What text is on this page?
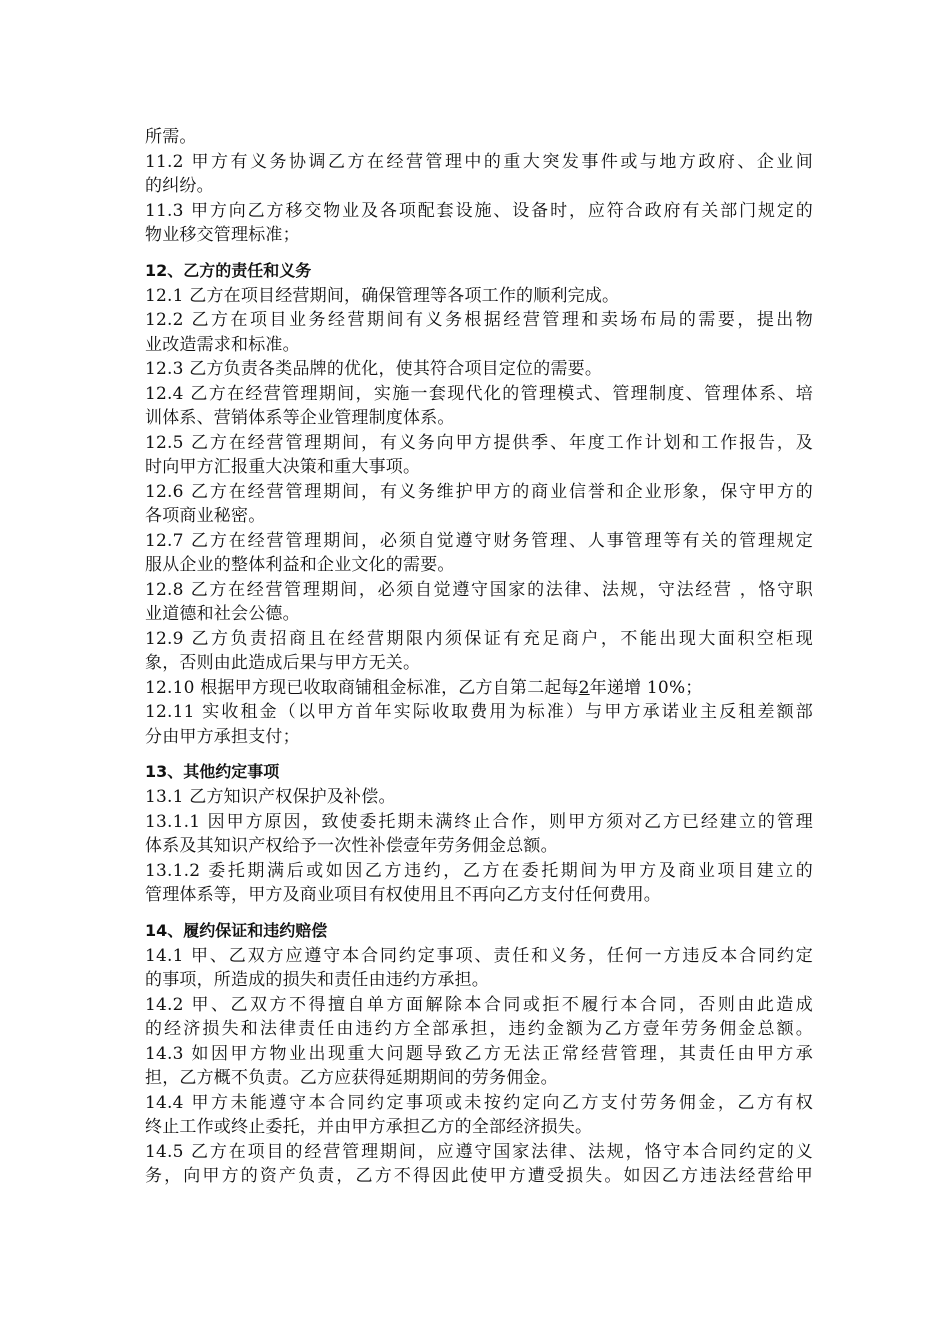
所需。
11.2 甲方有义务协调乙方在经营管理中的重大突发事件或与地方政府、企业间
的纠纷。
11.3 甲方向乙方移交物业及各项配套设施、设备时，应符合政府有关部门规定的
物业移交管理标准；
12、乙方的责任和义务
12.1 乙方在项目经营期间，确保管理等各项工作的顺利完成。
12.2 乙方在项目业务经营期间有义务根据经营管理和卖场布局的需要，提出物
业改造需求和标准。
12.3 乙方负责各类品牌的优化，使其符合项目定位的需要。
12.4 乙方在经营管理期间，实施一套现代化的管理模式、管理制度、管理体系、培
训体系、营销体系等企业管理制度体系。
12.5 乙方在经营管理期间，有义务向甲方提供季、年度工作计划和工作报告，及
时向甲方汇报重大决策和重大事项。
12.6 乙方在经营管理期间，有义务维护甲方的商业信誉和企业形象，保守甲方的
各项商业秘密。
12.7 乙方在经营管理期间，必须自觉遵守财务管理、人事管理等有关的管理规定
服从企业的整体利益和企业文化的需要。
12.8 乙方在经营管理期间，必须自觉遵守国家的法律、法规，守法经营 ，恪守职
业道德和社会公德。
12.9 乙方负责招商且在经营期限内须保证有充足商户，不能出现大面积空柜现
象，否则由此造成后果与甲方无关。
12.10 根据甲方现已收取商铺租金标准，乙方自第二起每2年递增 10%；
12.11 实收租金（以甲方首年实际收取费用为标准）与甲方承诺业主反租差额部
分由甲方承担支付；
13、其他约定事项
13.1 乙方知识产权保护及补偿。
13.1.1 因甲方原因，致使委托期未满终止合作，则甲方须对乙方已经建立的管理
体系及其知识产权给予一次性补偿壹年劳务佣金总额。
13.1.2 委托期满后或如因乙方违约，乙方在委托期间为甲方及商业项目建立的
管理体系等，甲方及商业项目有权使用且不再向乙方支付任何费用。
14、履约保证和违约赔偿
14.1 甲、乙双方应遵守本合同约定事项、责任和义务，任何一方违反本合同约定
的事项，所造成的损失和责任由违约方承担。
14.2 甲、乙双方不得擅自单方面解除本合同或拒不履行本合同，否则由此造成
的经济损失和法律责任由违约方全部承担，违约金额为乙方壹年劳务佣金总额。
14.3 如因甲方物业出现重大问题导致乙方无法正常经营管理，其责任由甲方承
担，乙方概不负责。乙方应获得延期期间的劳务佣金。
14.4 甲方未能遵守本合同约定事项或未按约定向乙方支付劳务佣金，乙方有权
终止工作或终止委托，并由甲方承担乙方的全部经济损失。
14.5 乙方在项目的经营管理期间，应遵守国家法律、法规，恪守本合同约定的义
务，向甲方的资产负责，乙方不得因此使甲方遭受损失。如因乙方违法经营给甲
